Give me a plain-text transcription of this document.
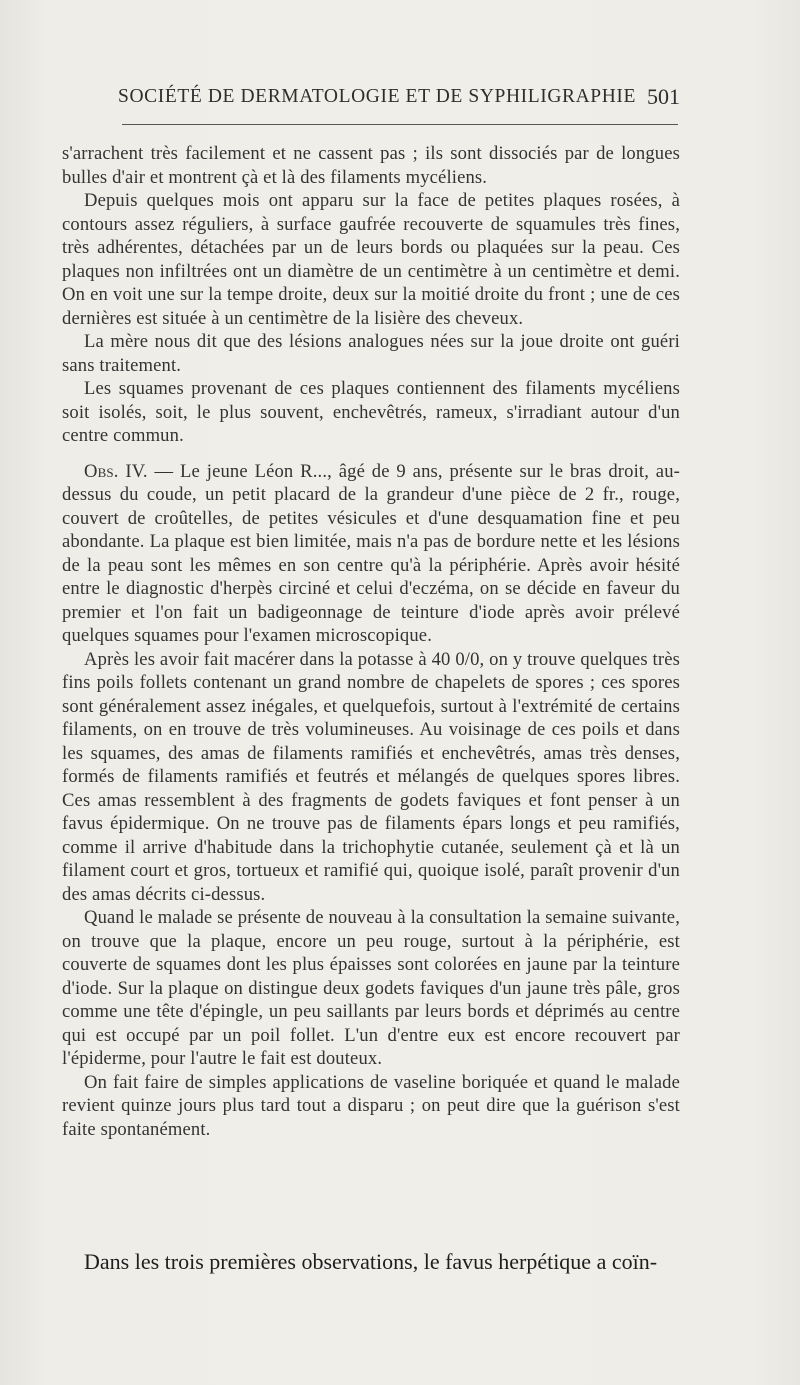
SOCIÉTÉ DE DERMATOLOGIE ET DE SYPHILIGRAPHIE 501

s'arrachent très facilement et ne cassent pas ; ils sont dissociés par de longues bulles d'air et montrent çà et là des filaments mycéliens.

Depuis quelques mois ont apparu sur la face de petites plaques rosées, à contours assez réguliers, à surface gaufrée recouverte de squamules très fines, très adhérentes, détachées par un de leurs bords ou plaquées sur la peau. Ces plaques non infiltrées ont un diamètre de un centimètre à un centimètre et demi. On en voit une sur la tempe droite, deux sur la moitié droite du front ; une de ces dernières est située à un centimètre de la lisière des cheveux.

La mère nous dit que des lésions analogues nées sur la joue droite ont guéri sans traitement.

Les squames provenant de ces plaques contiennent des filaments mycéliens soit isolés, soit, le plus souvent, enchevêtrés, rameux, s'irradiant autour d'un centre commun.

Obs. IV. — Le jeune Léon R..., âgé de 9 ans, présente sur le bras droit, au-dessus du coude, un petit placard de la grandeur d'une pièce de 2 fr., rouge, couvert de croûtelles, de petites vésicules et d'une desquamation fine et peu abondante. La plaque est bien limitée, mais n'a pas de bordure nette et les lésions de la peau sont les mêmes en son centre qu'à la périphérie. Après avoir hésité entre le diagnostic d'herpès circiné et celui d'eczéma, on se décide en faveur du premier et l'on fait un badigeonnage de teinture d'iode après avoir prélevé quelques squames pour l'examen microscopique.

Après les avoir fait macérer dans la potasse à 40 0/0, on y trouve quelques très fins poils follets contenant un grand nombre de chapelets de spores ; ces spores sont généralement assez inégales, et quelquefois, surtout à l'extrémité de certains filaments, on en trouve de très volumineuses. Au voisinage de ces poils et dans les squames, des amas de filaments ramifiés et enchevêtrés, amas très denses, formés de filaments ramifiés et feutrés et mélangés de quelques spores libres. Ces amas ressemblent à des fragments de godets faviques et font penser à un favus épidermique. On ne trouve pas de filaments épars longs et peu ramifiés, comme il arrive d'habitude dans la trichophytie cutanée, seulement çà et là un filament court et gros, tortueux et ramifié qui, quoique isolé, paraît provenir d'un des amas décrits ci-dessus.

Quand le malade se présente de nouveau à la consultation la semaine suivante, on trouve que la plaque, encore un peu rouge, surtout à la périphérie, est couverte de squames dont les plus épaisses sont colorées en jaune par la teinture d'iode. Sur la plaque on distingue deux godets faviques d'un jaune très pâle, gros comme une tête d'épingle, un peu saillants par leurs bords et déprimés au centre qui est occupé par un poil follet. L'un d'entre eux est encore recouvert par l'épiderme, pour l'autre le fait est douteux.

On fait faire de simples applications de vaseline boriquée et quand le malade revient quinze jours plus tard tout a disparu ; on peut dire que la guérison s'est faite spontanément.

Dans les trois premières observations, le favus herpétique a coïn-
